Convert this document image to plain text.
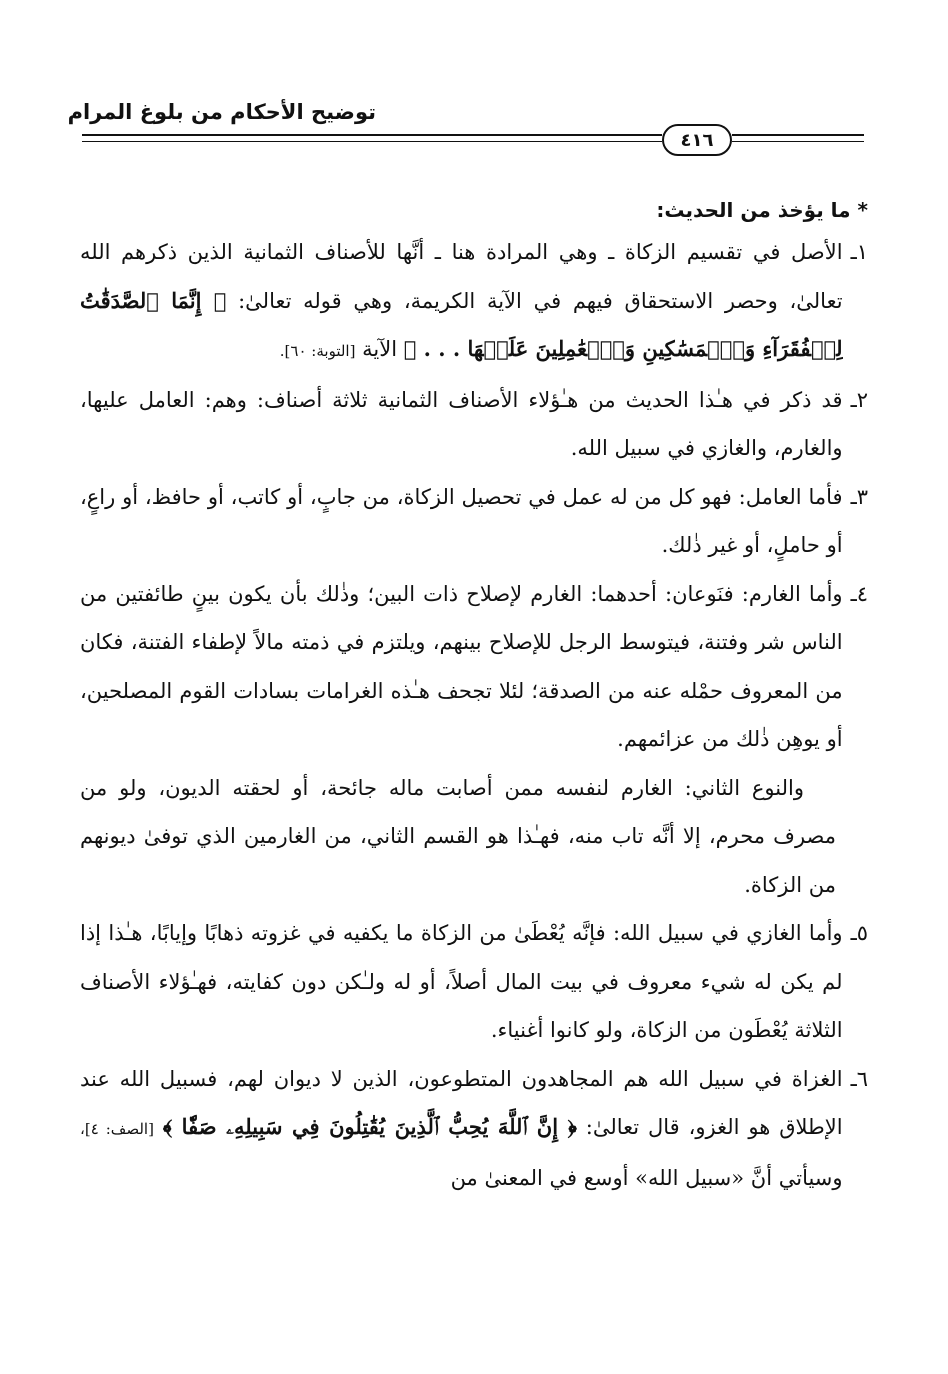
توضيح الأحكام من بلوغ المرام
٤١٦
* ما يؤخذ من الحديث:
١ـ
الأصل في تقسيم الزكاة ـ وهي المرادة هنا ـ أنَّها للأصناف الثمانية الذين ذكرهم الله تعالىٰ، وحصر الاستحقاق فيهم في الآية الكريمة، وهي قوله تعالىٰ: ﴿ إِنَّمَا ٱلصَّدَقَٰتُ لِلۡفُقَرَآءِ وَٱلۡمَسَٰكِينِ وَٱلۡعَٰمِلِينَ عَلَيۡهَا . . . ﴾ الآية [التوبة: ٦٠].
٢ـ
قد ذكر في هـٰذا الحديث من هـٰؤلاء الأصناف الثمانية ثلاثة أصناف: وهم: العامل عليها، والغارم، والغازي في سبيل الله.
٣ـ
فأما العامل: فهو كل من له عمل في تحصيل الزكاة، من جابٍ، أو كاتب، أو حافظ، أو راعٍ، أو حاملٍ، أو غير ذٰلك.
٤ـ
وأما الغارم: فنَوعان: أحدهما: الغارم لإصلاح ذات البين؛ وذٰلك بأن يكون بينٍ طائفتين من الناس شر وفتنة، فيتوسط الرجل للإصلاح بينهم، ويلتزم في ذمته مالاً لإطفاء الفتنة، فكان من المعروف حمْله عنه من الصدقة؛ لئلا تجحف هـٰذه الغرامات بسادات القوم المصلحين، أو يوهِن ذٰلك من عزائمهم.
والنوع الثاني: الغارم لنفسه ممن أصابت ماله جائحة، أو لحقته الديون، ولو من مصرف محرم، إلا أنَّه تاب منه، فهـٰذا هو القسم الثاني، من الغارمين الذي توفىٰ ديونهم من الزكاة.
٥ـ
وأما الغازي في سبيل الله: فإنَّه يُعْطَىٰ من الزكاة ما يكفيه في غزوته ذهابًا وإيابًا، هـٰذا إذا لم يكن له شيء معروف في بيت المال أصلاً، أو له ولـٰكن دون كفايته، فهـٰؤلاء الأصناف الثلاثة يُعْطَون من الزكاة، ولو كانوا أغنياء.
٦ـ
الغزاة في سبيل الله هم المجاهدون المتطوعون، الذين لا ديوان لهم، فسبيل الله عند الإطلاق هو الغزو، قال تعالىٰ: ﴿ إِنَّ ٱللَّهَ يُحِبُّ ٱلَّذِينَ يُقَٰتِلُونَ فِي سَبِيلِهِۦ صَفّٗا ﴾ [الصف: ٤]، وسيأتي أنَّ «سبيل الله» أوسع في المعنىٰ من
